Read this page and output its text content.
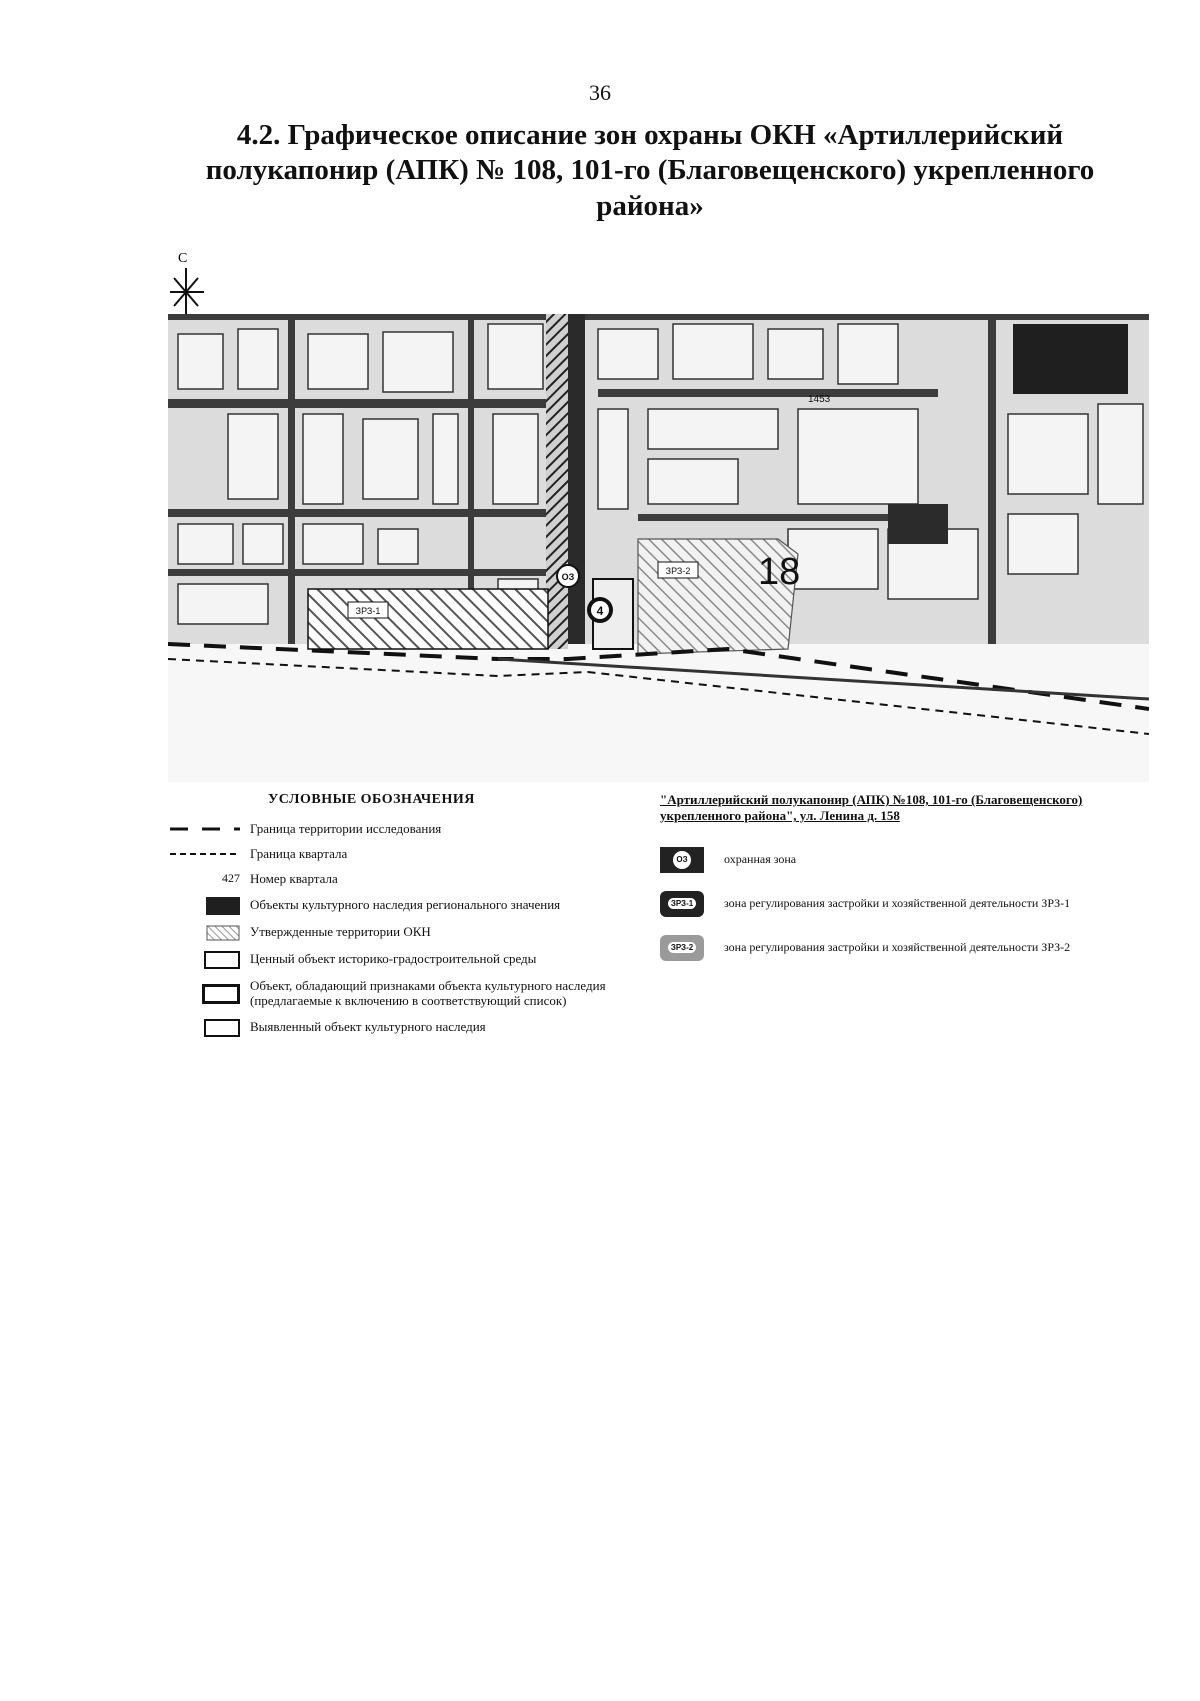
36
4.2. Графическое описание зон охраны ОКН «Артиллерийский полукапонир (АПК) № 108, 101-го (Благовещенского) укрепленного района»
С
1453
18
ЗРЗ-1
ЗРЗ-2
ОЗ
4
УСЛОВНЫЕ ОБОЗНАЧЕНИЯ
Граница территории исследования
Граница квартала
427 Номер квартала
Объекты культурного наследия регионального значения
Утвержденные территории ОКН
Ценный объект историко-градостроительной среды
Объект, обладающий признаками объекта культурного наследия (предлагаемые к включению в соответствующий список)
Выявленный объект культурного наследия
"Артиллерийский полукапонир (АПК) №108, 101-го (Благовещенского) укрепленного района", ул. Ленина д. 158
ОЗ	охранная зона
ЗРЗ-1	зона регулирования застройки и хозяйственной деятельности ЗРЗ-1
ЗРЗ-2	зона регулирования застройки и хозяйственной деятельности ЗРЗ-2
